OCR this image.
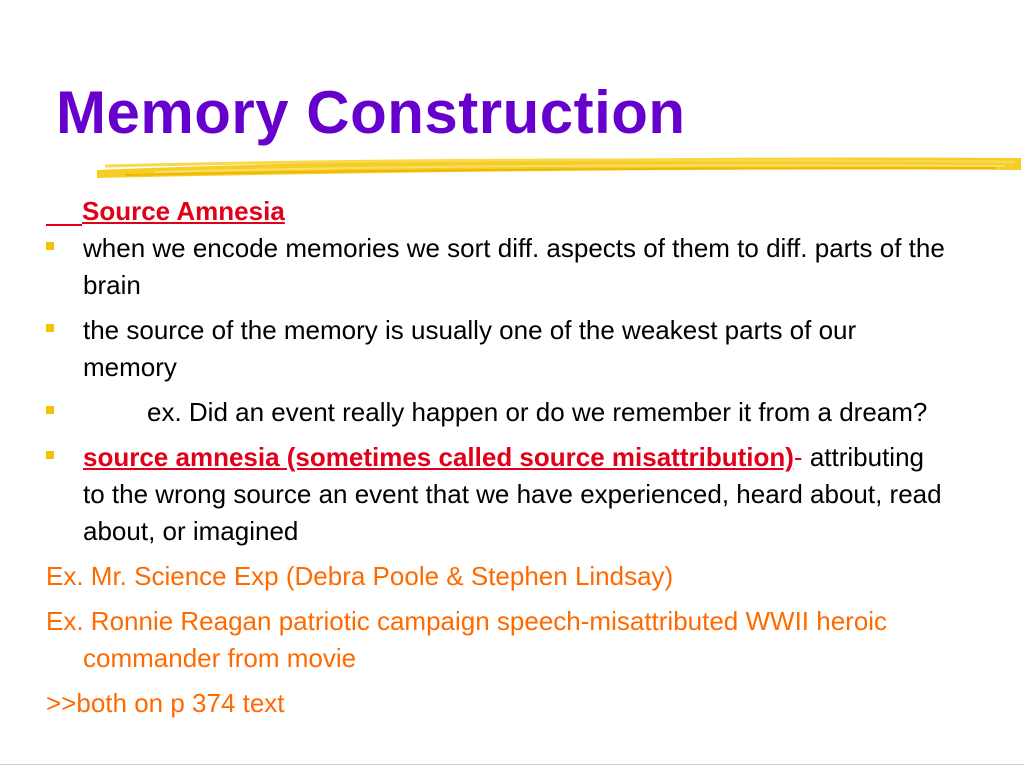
Memory Construction
Source Amnesia
when we encode memories we sort diff. aspects of them to diff. parts of the brain
the source of the memory is usually one of the weakest parts of our memory
ex. Did an event really happen or do we remember it from a dream?
source amnesia (sometimes called source misattribution)- attributing to the wrong source an event that we have experienced, heard about, read about, or imagined
Ex. Mr. Science Exp (Debra Poole & Stephen Lindsay)
Ex. Ronnie Reagan patriotic campaign speech-misattributed WWII heroic commander from movie
>>both on p 374 text
